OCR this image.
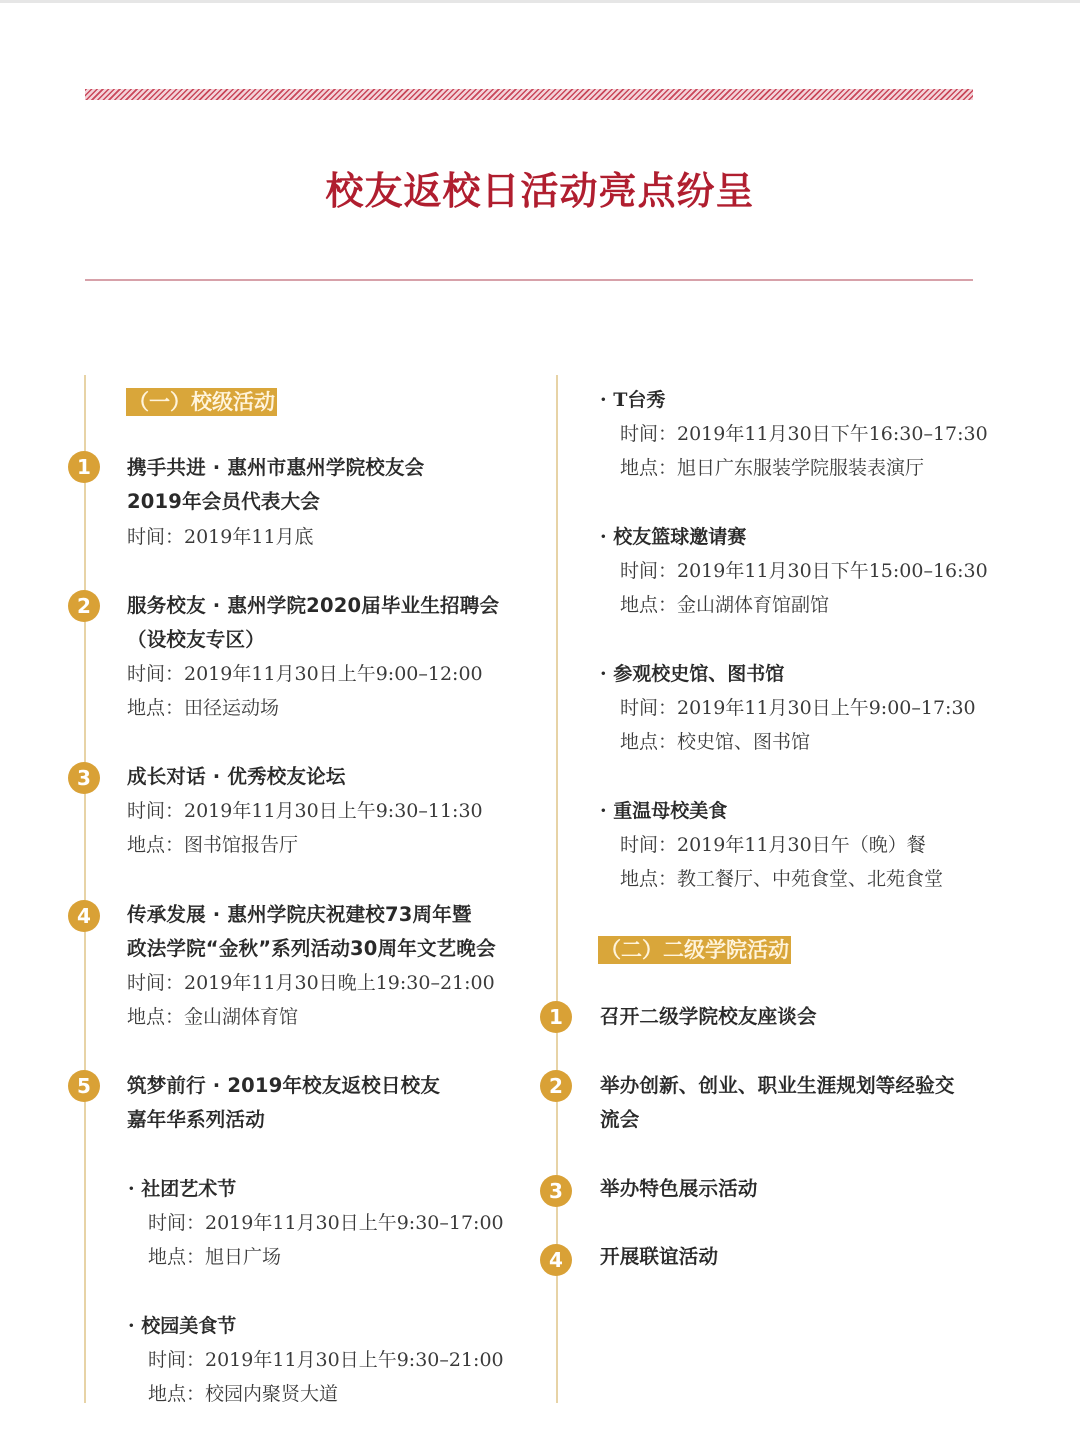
校友返校日活动亮点纷呈
（一）校级活动
1	携手共进 · 惠州市惠州学院校友会
2019年会员代表大会
时间：2019年11月底
2	服务校友 · 惠州学院2020届毕业生招聘会
（设校友专区）
时间：2019年11月30日上午9:00–12:00
地点：田径运动场
3	成长对话 · 优秀校友论坛
时间：2019年11月30日上午9:30–11:30
地点：图书馆报告厅
4	传承发展 · 惠州学院庆祝建校73周年暨
政法学院“金秋”系列活动30周年文艺晚会
时间：2019年11月30日晚上19:30–21:00
地点：金山湖体育馆
5	筑梦前行 · 2019年校友返校日校友
嘉年华系列活动
· 社团艺术节
时间：2019年11月30日上午9:30–17:00
地点：旭日广场
· 校园美食节
时间：2019年11月30日上午9:30–21:00
地点：校园内聚贤大道
· T台秀
时间：2019年11月30日下午16:30–17:30
地点：旭日广东服装学院服装表演厅
· 校友篮球邀请赛
时间：2019年11月30日下午15:00–16:30
地点：金山湖体育馆副馆
· 参观校史馆、图书馆
时间：2019年11月30日上午9:00–17:30
地点：校史馆、图书馆
· 重温母校美食
时间：2019年11月30日午（晚）餐
地点：教工餐厅、中苑食堂、北苑食堂
（二）二级学院活动
1	召开二级学院校友座谈会
2	举办创新、创业、职业生涯规划等经验交
流会
3	举办特色展示活动
4	开展联谊活动
